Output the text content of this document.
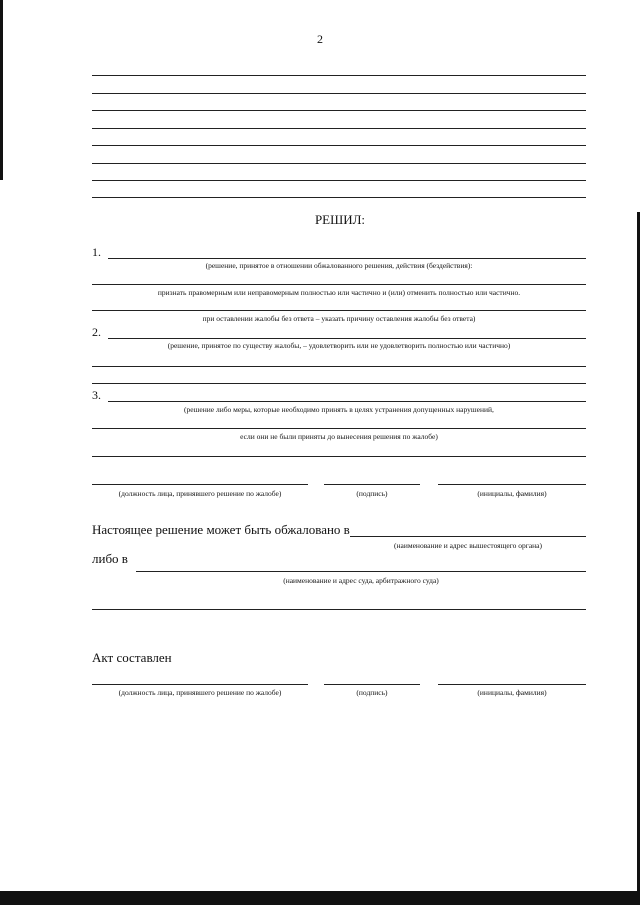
2
РЕШИЛ:
1.
(решение, принятое в отношении обжалованного решения, действия (бездействия):
признать правомерным или неправомерным полностью или частично и (или) отменить полностью или частично.
при оставлении жалобы без ответа – указать причину оставления жалобы без ответа)
2.
(решение, принятое по существу жалобы, – удовлетворить или не удовлетворить полностью или частично)
3.
(решение либо меры, которые необходимо принять в целях устранения допущенных нарушений,
если они не были приняты до вынесения решения по жалобе)
(должность лица, принявшего решение по жалобе)	(подпись)	(инициалы, фамилия)
Настоящее решение может быть обжаловано в
(наименование и адрес вышестоящего органа)
либо в
(наименование и адрес суда, арбитражного суда)
Акт составлен
(должность лица, принявшего решение по жалобе)	(подпись)	(инициалы, фамилия)
